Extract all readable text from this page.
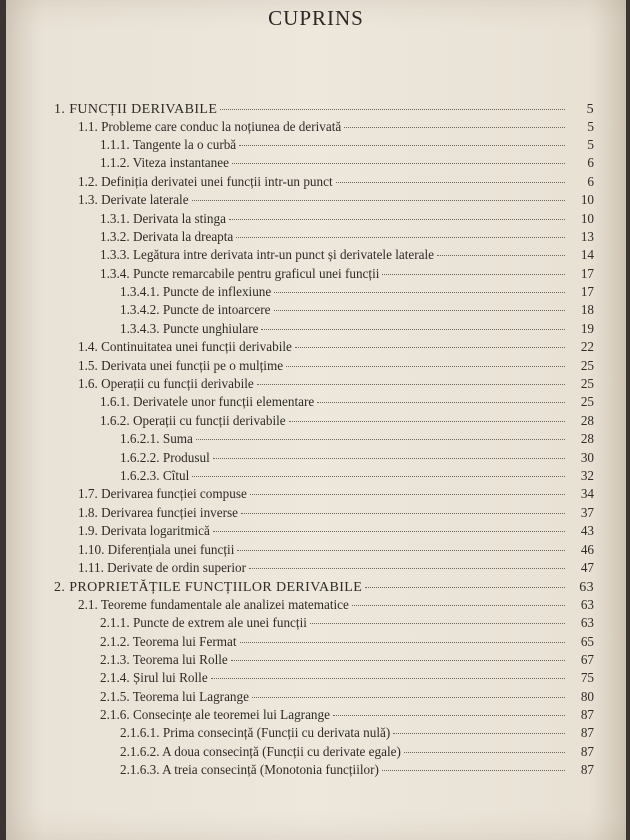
CUPRINS
1. FUNCȚII DERIVABILE	5
1.1. Probleme care conduc la noțiunea de derivată	5
1.1.1. Tangente la o curbă	5
1.1.2. Viteza instantanee	6
1.2. Definiția derivatei unei funcții intr-un punct	6
1.3. Derivate laterale	10
1.3.1. Derivata la stinga	10
1.3.2. Derivata la dreapta	13
1.3.3. Legătura intre derivata intr-un punct și derivatele laterale	14
1.3.4. Puncte remarcabile pentru graficul unei funcții	17
1.3.4.1. Puncte de inflexiune	17
1.3.4.2. Puncte de intoarcere	18
1.3.4.3. Puncte unghiulare	19
1.4. Continuitatea unei funcții derivabile	22
1.5. Derivata unei funcții pe o mulțime	25
1.6. Operații cu funcții derivabile	25
1.6.1. Derivatele unor funcții elementare	25
1.6.2. Operații cu funcții derivabile	28
1.6.2.1. Suma	28
1.6.2.2. Produsul	30
1.6.2.3. Cîtul	32
1.7. Derivarea funcției compuse	34
1.8. Derivarea funcției inverse	37
1.9. Derivata logaritmică	43
1.10. Diferențiala unei funcții	46
1.11. Derivate de ordin superior	47
2. PROPRIETĂȚILE FUNCȚIILOR DERIVABILE	63
2.1. Teoreme fundamentale ale analizei matematice	63
2.1.1. Puncte de extrem ale unei funcții	63
2.1.2. Teorema lui Fermat	65
2.1.3. Teorema lui Rolle	67
2.1.4. Șirul lui Rolle	75
2.1.5. Teorema lui Lagrange	80
2.1.6. Consecințe ale teoremei lui Lagrange	87
2.1.6.1. Prima consecință (Funcții cu derivata nulă)	87
2.1.6.2. A doua consecință (Funcții cu derivate egale)	87
2.1.6.3. A treia consecință (Monotonia funcțiilor)	87
